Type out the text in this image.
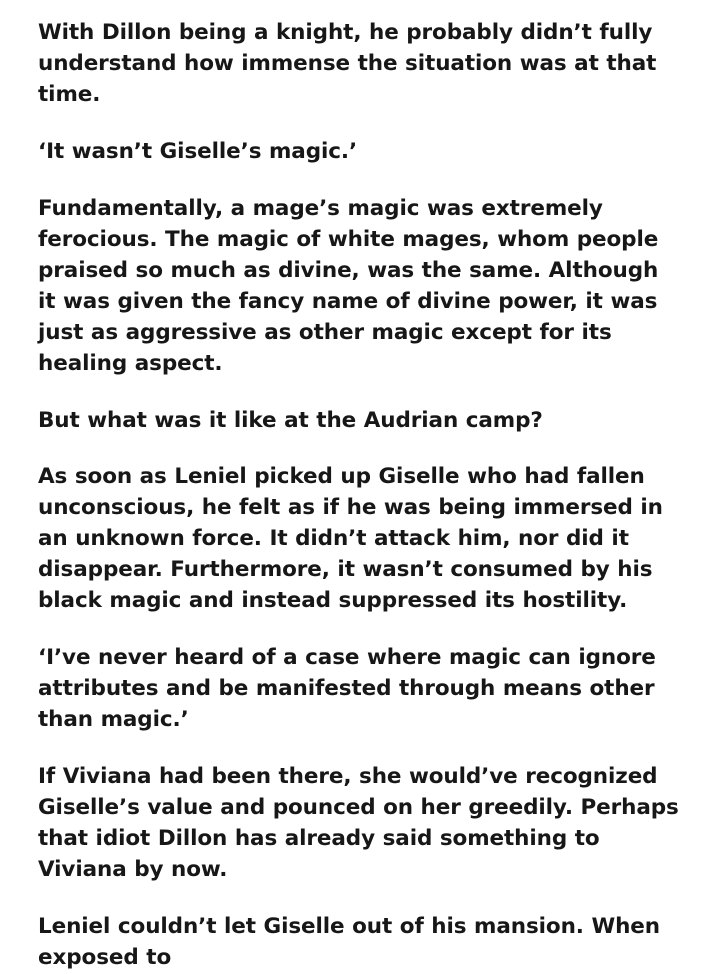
With Dillon being a knight, he probably didn’t fully understand how immense the situation was at that time.

‘It wasn’t Giselle’s magic.’

Fundamentally, a mage’s magic was extremely ferocious. The magic of white mages, whom people praised so much as divine, was the same. Although it was given the fancy name of divine power, it was just as aggressive as other magic except for its healing aspect.

But what was it like at the Audrian camp?

As soon as Leniel picked up Giselle who had fallen unconscious, he felt as if he was being immersed in an unknown force. It didn’t attack him, nor did it disappear. Furthermore, it wasn’t consumed by his black magic and instead suppressed its hostility.

‘I’ve never heard of a case where magic can ignore attributes and be manifested through means other than magic.’

If Viviana had been there, she would’ve recognized Giselle’s value and pounced on her greedily. Perhaps that idiot Dillon has already said something to Viviana by now.

Leniel couldn’t let Giselle out of his mansion. When exposed to
